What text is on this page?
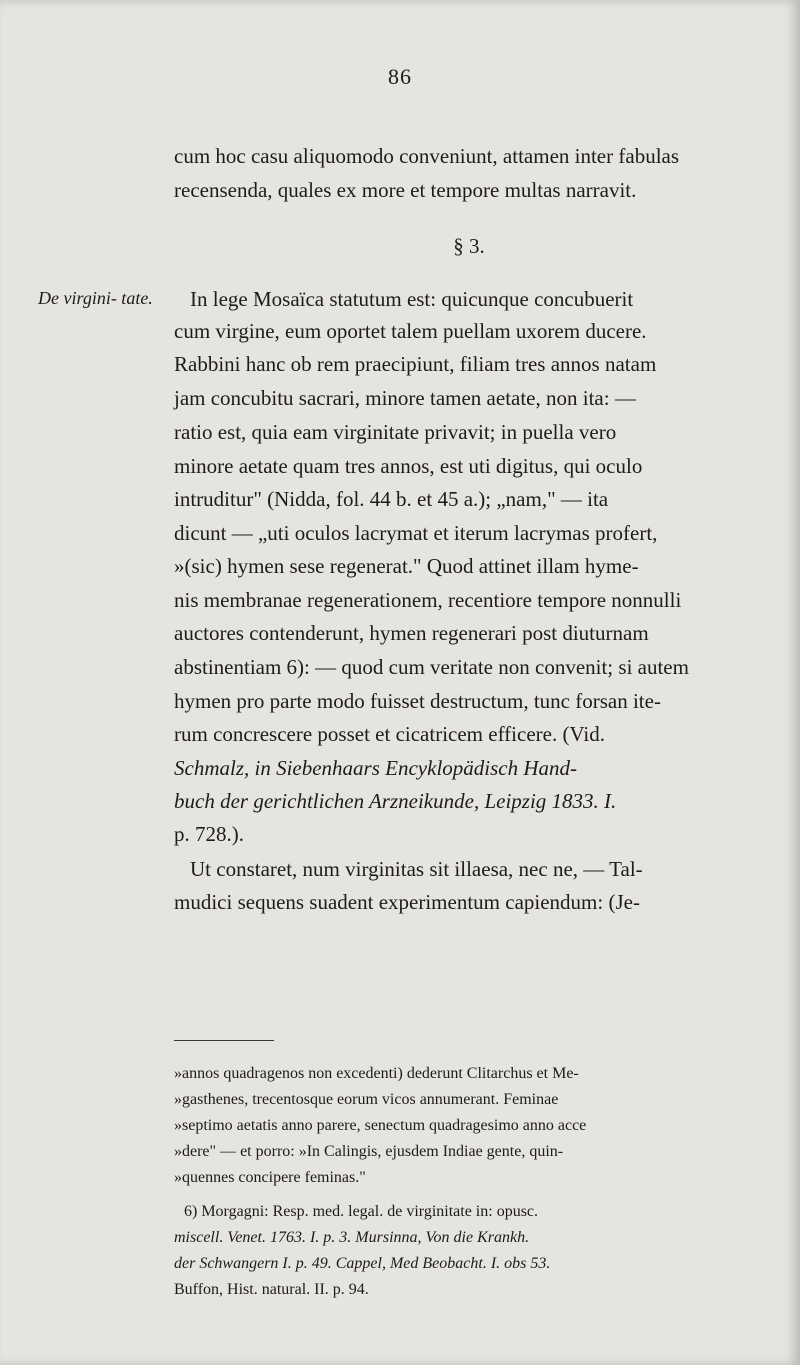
86
De virgini- tate.
cum hoc casu aliquomodo conveniunt, attamen inter fabulas
recensenda, quales ex more et tempore multas narravit.
§ 3.
In lege Mosaïca statutum est: quicunque concubuerit
cum virgine, eum oportet talem puellam uxorem ducere.
Rabbini hanc ob rem praecipiunt, filiam tres annos natam
jam concubitu sacrari, minore tamen aetate, non ita: —
ratio est, quia eam virginitate privavit; in puella vero
minore aetate quam tres annos, est uti digitus, qui oculo
intruditur" (Nidda, fol. 44 b. et 45 a.); „nam," — ita
dicunt — „uti oculos lacrymat et iterum lacrymas profert,
»(sic) hymen sese regenerat." Quod attinet illam hyme-
nis membranae regenerationem, recentiore tempore nonnulli
auctores contenderunt, hymen regenerari post diuturnam
abstinentiam 6): — quod cum veritate non convenit; si autem
hymen pro parte modo fuisset destructum, tunc forsan ite-
rum concrescere posset et cicatricem efficere. (Vid.
Schmalz, in Siebenhaars Encyklopädisch Hand-
buch der gerichtlichen Arzneikunde, Leipzig 1833. I.
p. 728.).
Ut constaret, num virginitas sit illaesa, nec ne, — Tal-
mudici sequens suadent experimentum capiendum: (Je-
»annos quadragenos non excedenti) dederunt Clitarchus et Me-
»gasthenes, trecentosque eorum vicos annumerant. Feminae
»septimo aetatis anno parere, senectum quadragesimo anno acce
»dere" — et porro: »In Calingis, ejusdem Indiae gente, quin-
»quennes concipere feminas."
6) Morgagni: Resp. med. legal. de virginitate in: opusc.
miscell. Venet. 1763. I. p. 3. Mursinna, Von die Krankh.
der Schwangern I. p. 49. Cappel, Med Beobacht. I. obs 53.
Buffon, Hist. natural. II. p. 94.
